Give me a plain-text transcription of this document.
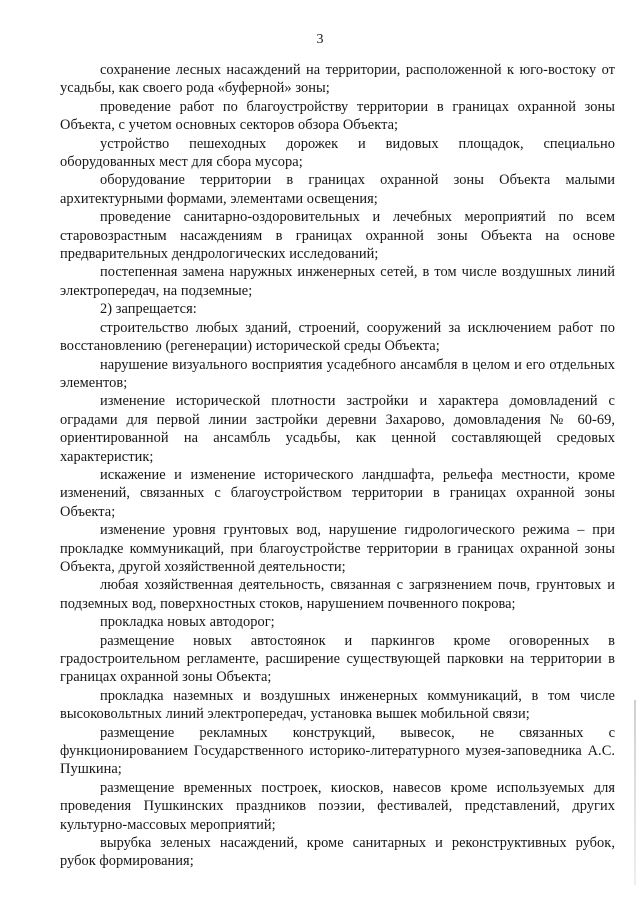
3

сохранение лесных насаждений на территории, расположенной к юго-востоку от усадьбы, как своего рода «буферной» зоны;

проведение работ по благоустройству территории в границах охранной зоны Объекта, с учетом основных секторов обзора Объекта;

устройство пешеходных дорожек и видовых площадок, специально оборудованных мест для сбора мусора;

оборудование территории в границах охранной зоны Объекта малыми архитектурными формами, элементами освещения;

проведение санитарно-оздоровительных и лечебных мероприятий по всем старовозрастным насаждениям в границах охранной зоны Объекта на основе предварительных дендрологических исследований;

постепенная замена наружных инженерных сетей, в том числе воздушных линий электропередач, на подземные;

2) запрещается:

строительство любых зданий, строений, сооружений за исключением работ по восстановлению (регенерации) исторической среды Объекта;

нарушение визуального восприятия усадебного ансамбля в целом и его отдельных элементов;

изменение исторической плотности застройки и характера домовладений с оградами для первой линии застройки деревни Захарово, домовладения № 60-69, ориентированной на ансамбль усадьбы, как ценной составляющей средовых характеристик;

искажение и изменение исторического ландшафта, рельефа местности, кроме изменений, связанных с благоустройством территории в границах охранной зоны Объекта;

изменение уровня грунтовых вод, нарушение гидрологического режима – при прокладке коммуникаций, при благоустройстве территории в границах охранной зоны Объекта, другой хозяйственной деятельности;

любая хозяйственная деятельность, связанная с загрязнением почв, грунтовых и подземных вод, поверхностных стоков, нарушением почвенного покрова;

прокладка новых автодорог;

размещение новых автостоянок и паркингов кроме оговоренных в градостроительном регламенте, расширение существующей парковки на территории в границах охранной зоны Объекта;

прокладка наземных и воздушных инженерных коммуникаций, в том числе высоковольтных линий электропередач, установка вышек мобильной связи;

размещение рекламных конструкций, вывесок, не связанных с функционированием Государственного историко-литературного музея-заповедника А.С. Пушкина;

размещение временных построек, киосков, навесов кроме используемых для проведения Пушкинских праздников поэзии, фестивалей, представлений, других культурно-массовых мероприятий;

вырубка зеленых насаждений, кроме санитарных и реконструктивных рубок, рубок формирования;
